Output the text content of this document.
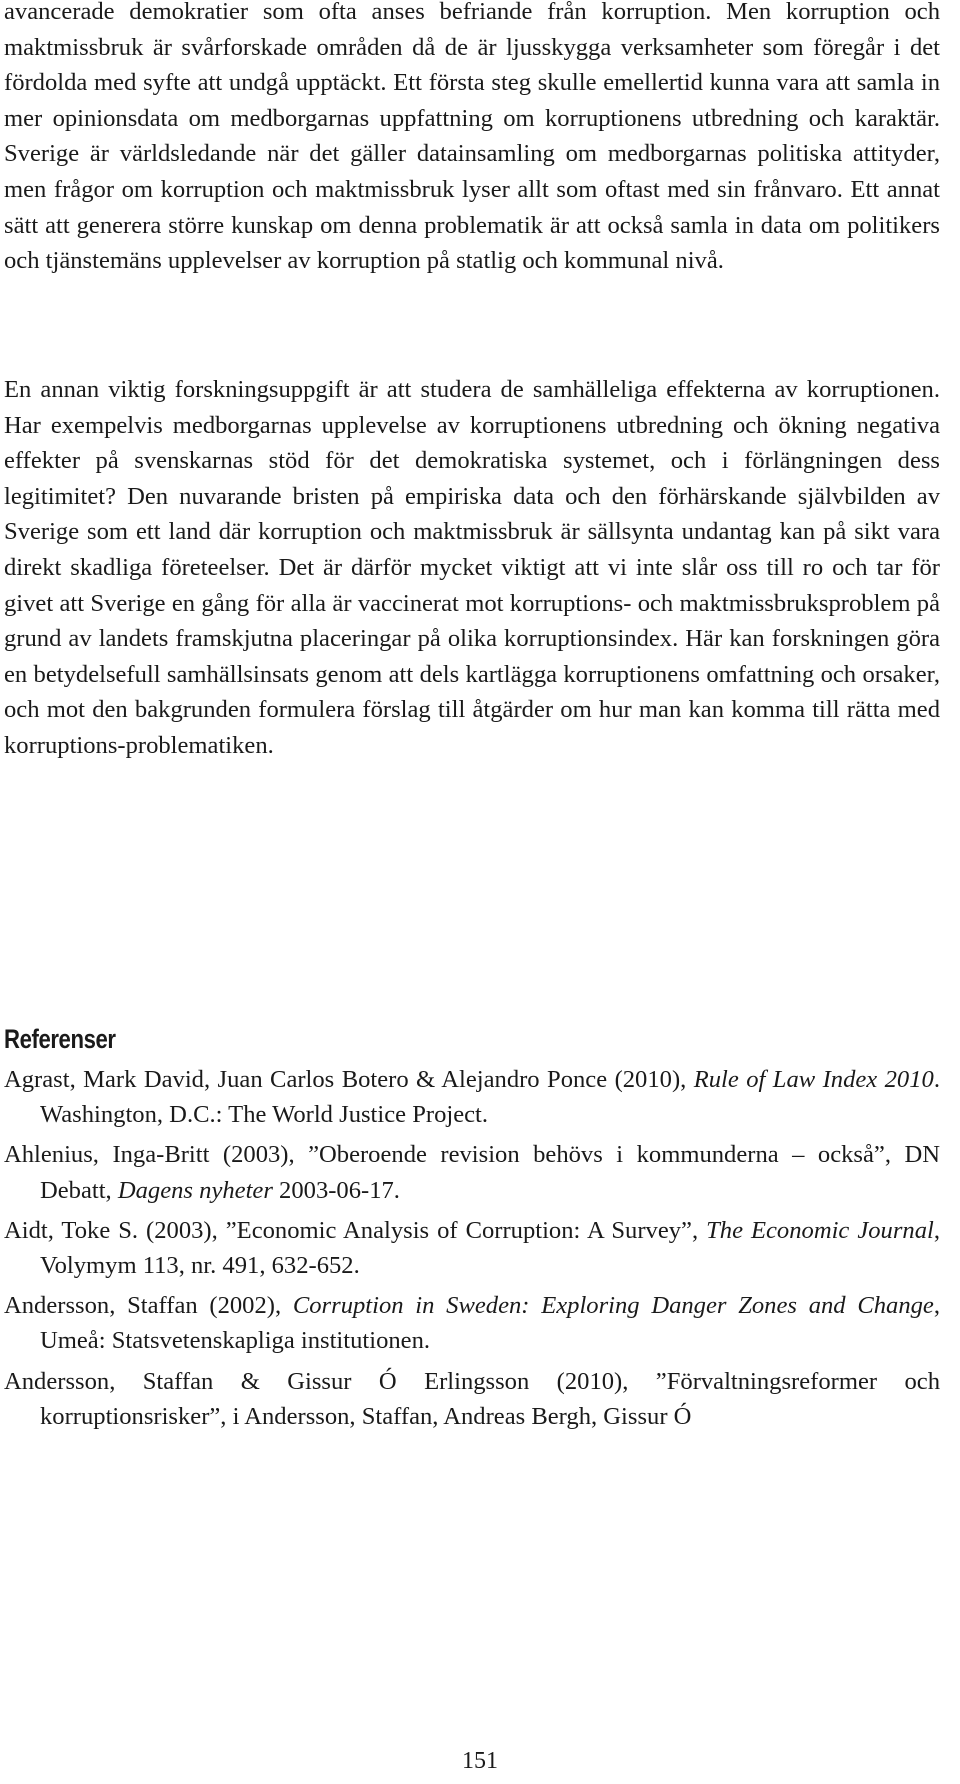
avancerade demokratier som ofta anses befriande från korruption. Men korruption och maktmissbruk är svårforskade områden då de är ljusskygga verksamheter som föregår i det fördolda med syfte att undgå upptäckt. Ett första steg skulle emellertid kunna vara att samla in mer opinionsdata om medborgarnas uppfattning om korruptionens utbredning och karaktär. Sverige är världsledande när det gäller datainsamling om medborgarnas politiska attityder, men frågor om korruption och maktmissbruk lyser allt som oftast med sin frånvaro. Ett annat sätt att generera större kunskap om denna problematik är att också samla in data om politikers och tjänstemäns upplevelser av korruption på statlig och kommunal nivå.

En annan viktig forskningsuppgift är att studera de samhälleliga effekterna av korruptionen. Har exempelvis medborgarnas upplevelse av korruptionens utbredning och ökning negativa effekter på svenskarnas stöd för det demokratiska systemet, och i förlängningen dess legitimitet? Den nuvarande bristen på empiriska data och den förhärskande självbilden av Sverige som ett land där korruption och maktmissbruk är sällsynta undantag kan på sikt vara direkt skadliga företeelser. Det är därför mycket viktigt att vi inte slår oss till ro och tar för givet att Sverige en gång för alla är vaccinerat mot korruptions- och maktmissbruksproblem på grund av landets framskjutna placeringar på olika korruptionsindex. Här kan forskningen göra en betydelsefull samhällsinsats genom att dels kartlägga korruptionens omfattning och orsaker, och mot den bakgrunden formulera förslag till åtgärder om hur man kan komma till rätta med korruptions-problematiken.

Referenser
Agrast, Mark David, Juan Carlos Botero & Alejandro Ponce (2010), Rule of Law Index 2010. Washington, D.C.: The World Justice Project.
Ahlenius, Inga-Britt (2003), ”Oberoende revision behövs i kommunderna – också”, DN Debatt, Dagens nyheter 2003-06-17.
Aidt, Toke S. (2003), ”Economic Analysis of Corruption: A Survey”, The Economic Journal, Volymym 113, nr. 491, 632-652.
Andersson, Staffan (2002), Corruption in Sweden: Exploring Danger Zones and Change, Umeå: Statsvetenskapliga institutionen.
Andersson, Staffan & Gissur Ó Erlingsson (2010), ”Förvaltningsreformer och korruptionsrisker”, i Andersson, Staffan, Andreas Bergh, Gissur Ó
151
